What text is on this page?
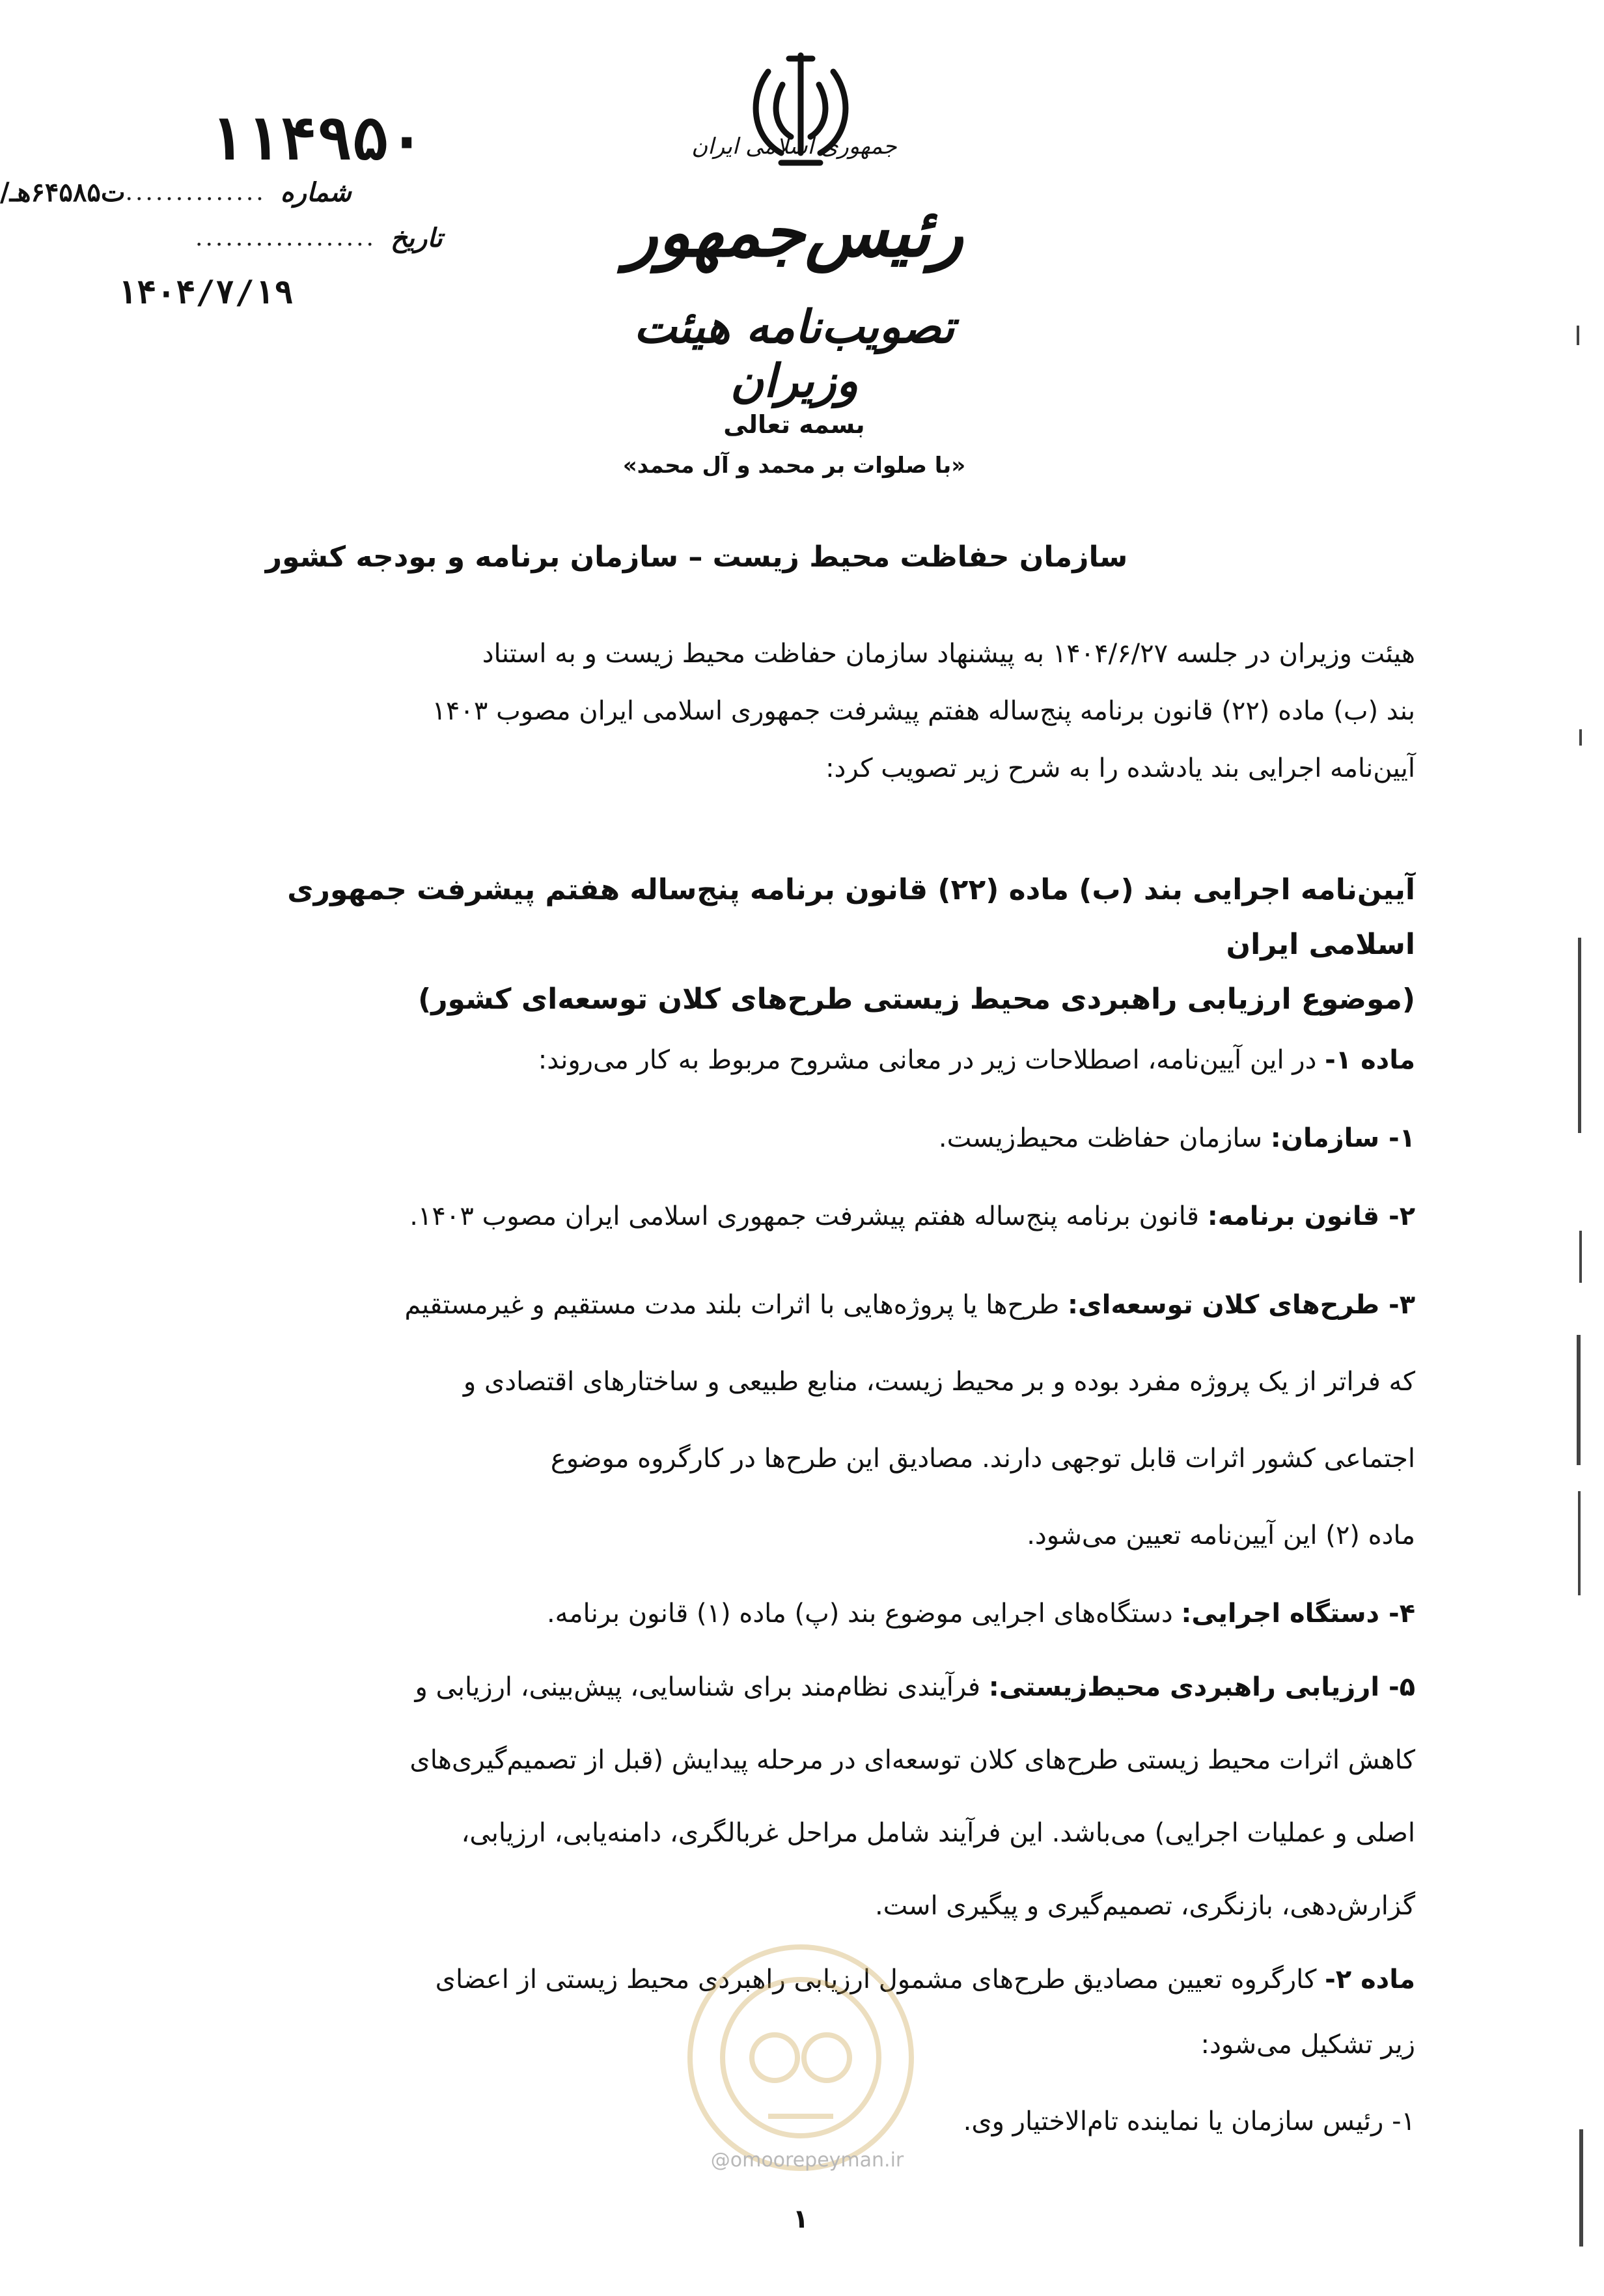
جمهوری اسلامی ایران
رئیس‌جمهور
تصویب‌نامه هیئت وزیران
۱۱۴۹۵۰
/ت۶۴۵۸۵هـ .............. شماره
.................. تاریخ
۱۴۰۴/۷/۱۹
بسمه تعالی
«با صلوات بر محمد و آل محمد»
سازمان حفاظت محیط زیست – سازمان برنامه و بودجه کشور
هیئت وزیران در جلسه ۱۴۰۴/۶/۲۷ به پیشنهاد سازمان حفاظت محیط زیست و به استناد
بند (ب) ماده (۲۲) قانون برنامه پنج‌ساله هفتم پیشرفت جمهوری اسلامی ایران مصوب ۱۴۰۳
آیین‌نامه اجرایی بند یادشده را به شرح زیر تصویب کرد:
آیین‌نامه اجرایی بند (ب) ماده (۲۲) قانون برنامه پنج‌ساله هفتم پیشرفت جمهوری اسلامی ایران
(موضوع ارزیابی راهبردی محیط زیستی طرح‌های کلان توسعه‌ای کشور)
ماده ۱- در این آیین‌نامه، اصطلاحات زیر در معانی مشروح مربوط به کار می‌روند:
۱- سازمان: سازمان حفاظت محیط‌زیست.
۲- قانون برنامه: قانون برنامه پنج‌ساله هفتم پیشرفت جمهوری اسلامی ایران مصوب ۱۴۰۳.
۳- طرح‌های کلان توسعه‌ای: طرح‌ها یا پروژه‌هایی با اثرات بلند مدت مستقیم و غیرمستقیم
که فراتر از یک پروژه مفرد بوده و بر محیط زیست، منابع طبیعی و ساختارهای اقتصادی و
اجتماعی کشور اثرات قابل توجهی دارند. مصادیق این طرح‌ها در کارگروه موضوع
ماده (۲) این آیین‌نامه تعیین می‌شود.
۴- دستگاه اجرایی: دستگاه‌های اجرایی موضوع بند (پ) ماده (۱) قانون برنامه.
۵- ارزیابی راهبردی محیط‌زیستی: فرآیندی نظام‌مند برای شناسایی، پیش‌بینی، ارزیابی و
کاهش اثرات محیط زیستی طرح‌های کلان توسعه‌ای در مرحله پیدایش (قبل از تصمیم‌گیری‌های
اصلی و عملیات اجرایی) می‌باشد. این فرآیند شامل مراحل غربالگری، دامنه‌یابی، ارزیابی،
گزارش‌دهی، بازنگری، تصمیم‌گیری و پیگیری است.
ماده ۲- کارگروه تعیین مصادیق طرح‌های مشمول ارزیابی راهبردی محیط زیستی از اعضای
زیر تشکیل می‌شود:
۱- رئیس سازمان یا نماینده تام‌الاختیار وی.
@omoorepeyman.ir
۱
